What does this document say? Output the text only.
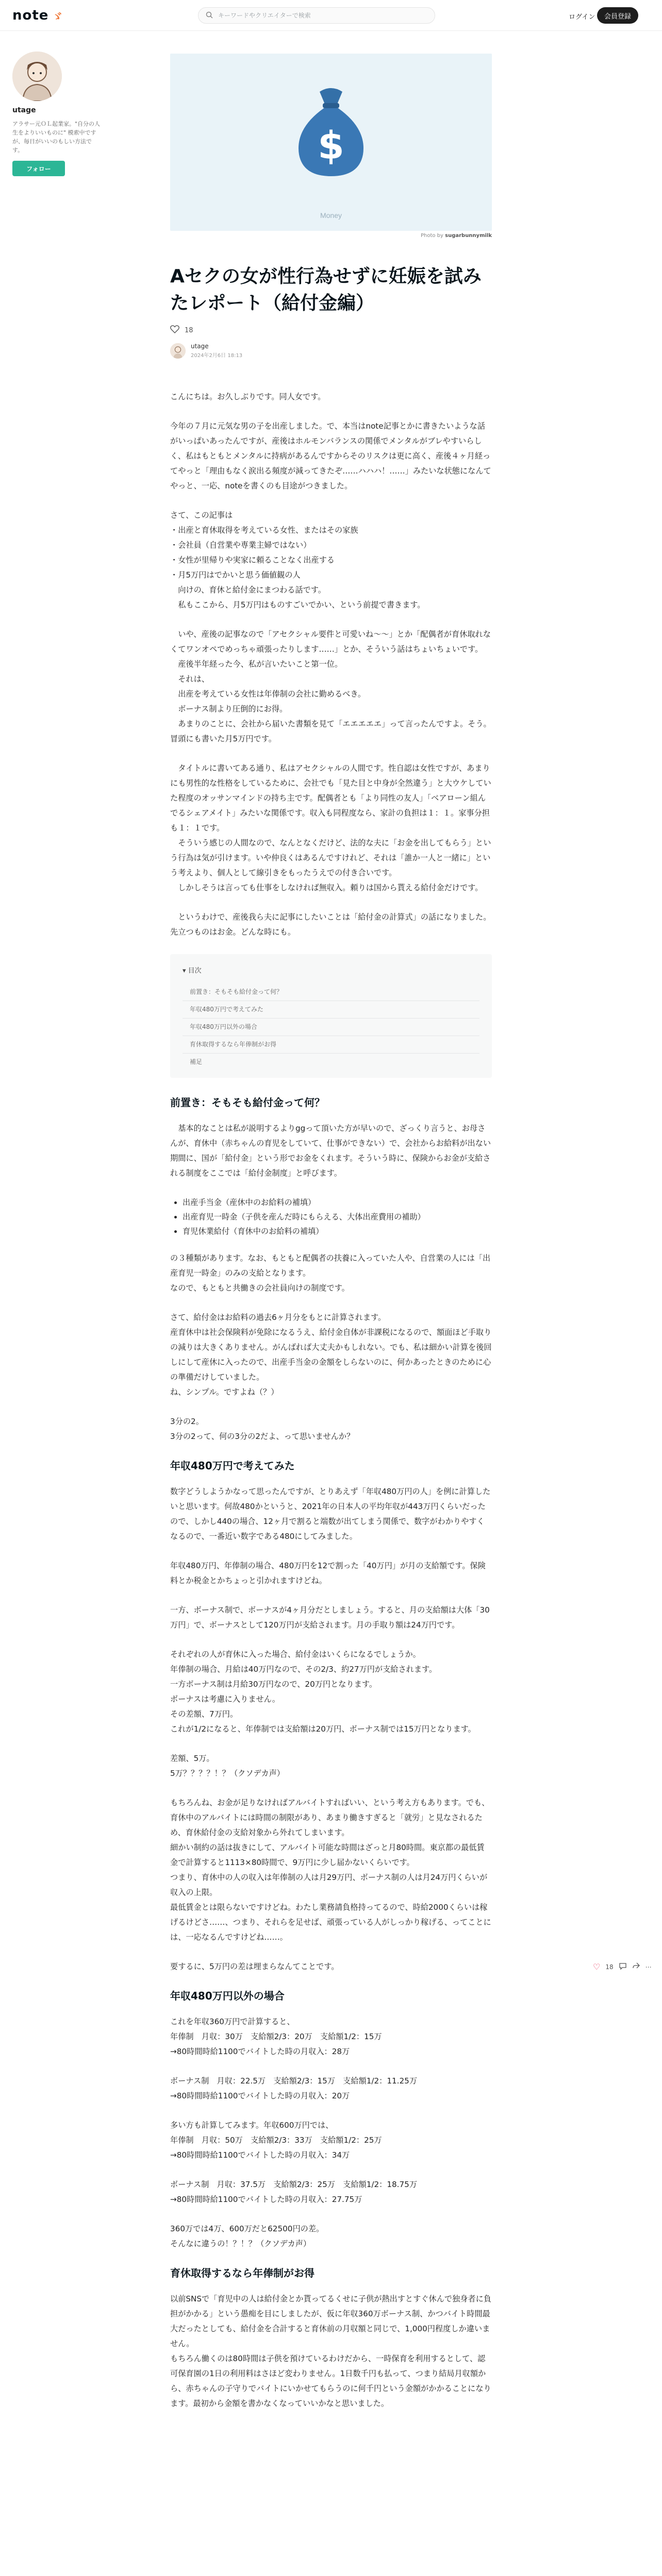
note ゞ
キーワードやクリエイターで検索	ログイン	会員登録
utage
アラサー元ＯＬ起業家。"自分の人生をよりいいものに" 模索中ですが、毎日がいいのもしい方法です。
フォロー
$
Money
Photo by sugarbunnymilk
Aセクの女が性行為せずに妊娠を試みたレポート（給付金編）
18
utage
2024年2月6日 18:13

こんにちは。お久しぶりです。同人女です。

今年の７月に元気な男の子を出産しました。で、本当はnote記事とかに書きたいような話がいっぱいあったんですが、産後はホルモンバランスの関係でメンタルがブレやすいらしく、私はもともとメンタルに持病があるんですからそのリスクは更に高く、産後４ヶ月経ってやっと「理由もなく涙出る頻度が減ってきたぞ……ハハハ！……」みたいな状態になんてやっと、一応、noteを書くのも目途がつきました。

さて、この記事は

・出産と育休取得を考えている女性、またはその家族
・会社員（自営業や専業主婦ではない）
・女性が里帰りや実家に頼ることなく出産する
・月5万円はでかいと思う価値観の人
　向けの、育休と給付金にまつわる話です。
　私もここから、月5万円はものすごいでかい、という前提で書きます。

　いや、産後の記事なので「アセクシャル要件と可愛いね〜〜」とか「配偶者が育休取れなくてワンオペでめっちゃ頑張ったりします……」とか、そういう話はちょいちょいです。
　産後半年経った今、私が言いたいこと第一位。
　それは、
　出産を考えている女性は年俸制の会社に勤めるべき。
　ボーナス制より圧倒的にお得。
　あまりのことに、会社から届いた書類を見て「エエエエエ」って言ったんですよ。そう。冒頭にも書いた月5万円です。

　タイトルに書いてある通り、私はアセクシャルの人間です。性自認は女性ですが、あまりにも男性的な性格をしているために、会社でも「見た目と中身が全然違う」と大ウケしていた程度のオッサンマインドの持ち主です。配偶者とも「より同性の友人」「ベアローン組んでるシェアメイト」みたいな関係です。収入も同程度なら、家計の負担は１：１。家事分担も１：１です。
　そういう感じの人間なので、なんとなくだけど、法的な夫に「お金を出してもらう」という行為は気が引けます。いや仲良くはあるんですけれど、それは「誰か一人と一緒に」という考えより、個人として線引きをもったうえでの付き合いです。
　しかしそうは言っても仕事をしなければ無収入。頼りは国から貰える給付金だけです。

　というわけで、産後我ら夫に記事にしたいことは「給付金の計算式」の話になりました。先立つものはお金。どんな時にも。

▾ 目次
前置き：そもそも給付金って何？
年収480万円で考えてみた
年収480万円以外の場合
育休取得するなら年俸制がお得
補足
前置き：そもそも給付金って何？

　基本的なことは私が説明するよりggって頂いた方が早いので、ざっくり言うと、お母さんが、育休中（赤ちゃんの育児をしていて、仕事ができない）で、会社からお給料が出ない期間に、国が「給付金」という形でお金をくれます。そういう時に、保険からお金が支給される制度をここでは「給付金制度」と呼びます。

• 出産手当金（産休中のお給料の補填）
• 出産育児一時金（子供を産んだ時にもらえる、大体出産費用の補助）
• 育児休業給付（育休中のお給料の補填）

の３種類があります。なお、もともと配偶者の扶養に入っていた人や、自営業の人には「出産育児一時金」のみの支給となります。
なので、もともと共働きの会社員向けの制度です。

さて、給付金はお給料の過去6ヶ月分をもとに計算されます。
産育休中は社会保険料が免除になるうえ、給付金自体が非課税になるので、額面ほど手取りの減りは大きくありません。がんばれば大丈夫かもしれない。でも、私は細かい計算を後回しにして産休に入ったので、出産手当金の金額をしらないのに、何かあったときのために心の準備だけしていました。
ね、シンプル。ですよね（？）

3分の2。
3分の2って、何の3分の2だよ、って思いませんか？

年収480万円で考えてみた

数字どうしようかなって思ったんですが、とりあえず「年収480万円の人」を例に計算したいと思います。何故480かというと、2021年の日本人の平均年収が443万円くらいだったので、しかし440の場合、12ヶ月で割ると端数が出てしまう関係で、数字がわかりやすくなるので、一番近い数字である480にしてみました。

年収480万円、年俸制の場合、480万円を12で割った「40万円」が月の支給額です。保険料とか税金とかちょっと引かれますけどね。

一方、ボーナス制で、ボーナスが4ヶ月分だとしましょう。すると、月の支給額は大体「30万円」で、ボーナスとして120万円が支給されます。月の手取り額は24万円です。

それぞれの人が育休に入った場合、給付金はいくらになるでしょうか。
年俸制の場合、月給は40万円なので、その2/3、約27万円が支給されます。
一方ボーナス制は月給30万円なので、20万円となります。
ボーナスは考慮に入りません。
その差額、7万円。
これが1/2になると、年俸制では支給額は20万円、ボーナス制では15万円となります。

差額、5万。
5万？？？？！？（クソデカ声）

もちろんね、お金が足りなければアルバイトすればいい、という考え方もあります。でも、育休中のアルバイトには時間の制限があり、あまり働きすぎると「就労」と見なされるため、育休給付金の支給対象から外れてしまいます。
細かい制約の話は抜きにして、アルバイト可能な時間はざっと月80時間。東京都の最低賃金で計算すると1113×80時間で、9万円に少し届かないくらいです。
つまり、育休中の人の収入は年俸制の人は月29万円、ボーナス制の人は月24万円くらいが収入の上限。
最低賃金とは限らないですけどね。わたし業務請負格持ってるので、時給2000くらいは稼げるけどさ……、つまり、それらを足せば、頑張っている人がしっかり稼げる、ってことには、一応なるんですけどね……。

要するに、5万円の差は埋まらなんてことです。

年収480万円以外の場合

これを年収360万円で計算すると、
年俸制　月収：30万　支給額2/3：20万　支給額1/2：15万
→80時間時給1100でバイトした時の月収入：28万

ボーナス制　月収：22.5万　支給額2/3：15万　支給額1/2：11.25万
→80時間時給1100でバイトした時の月収入：20万

多い方も計算してみます。年収600万円では、
年俸制　月収：50万　支給額2/3：33万　支給額1/2：25万
→80時間時給1100でバイトした時の月収入：34万

ボーナス制　月収：37.5万　支給額2/3：25万　支給額1/2：18.75万
→80時間時給1100でバイトした時の月収入：27.75万

360万では4万、600万だと62500円の差。
そんなに違うの！？！？（クソデカ声）

育休取得するなら年俸制がお得

以前SNSで「育児中の人は給付金とか貰ってるくせに子供が熱出すとすぐ休んで独身者に負担がかかる」という愚痴を目にしましたが、仮に年収360万ボーナス制、かつバイト時間最大だったとしても、給付金を合計すると育休前の月収額と同じで、1,000円程度しか違いません。
もちろん働くのは80時間は子供を預けているわけだから、一時保育を利用するとして、認可保育園の1日の利用料はさほど変わりません。1日数千円も払って、つまり結局月収額から、赤ちゃんの子守りでバイトにいかせてもらうのに何千円という金額がかかることになります。最初から金額を書かなくなっていいかなと思いました。

♡ 18	⋯
